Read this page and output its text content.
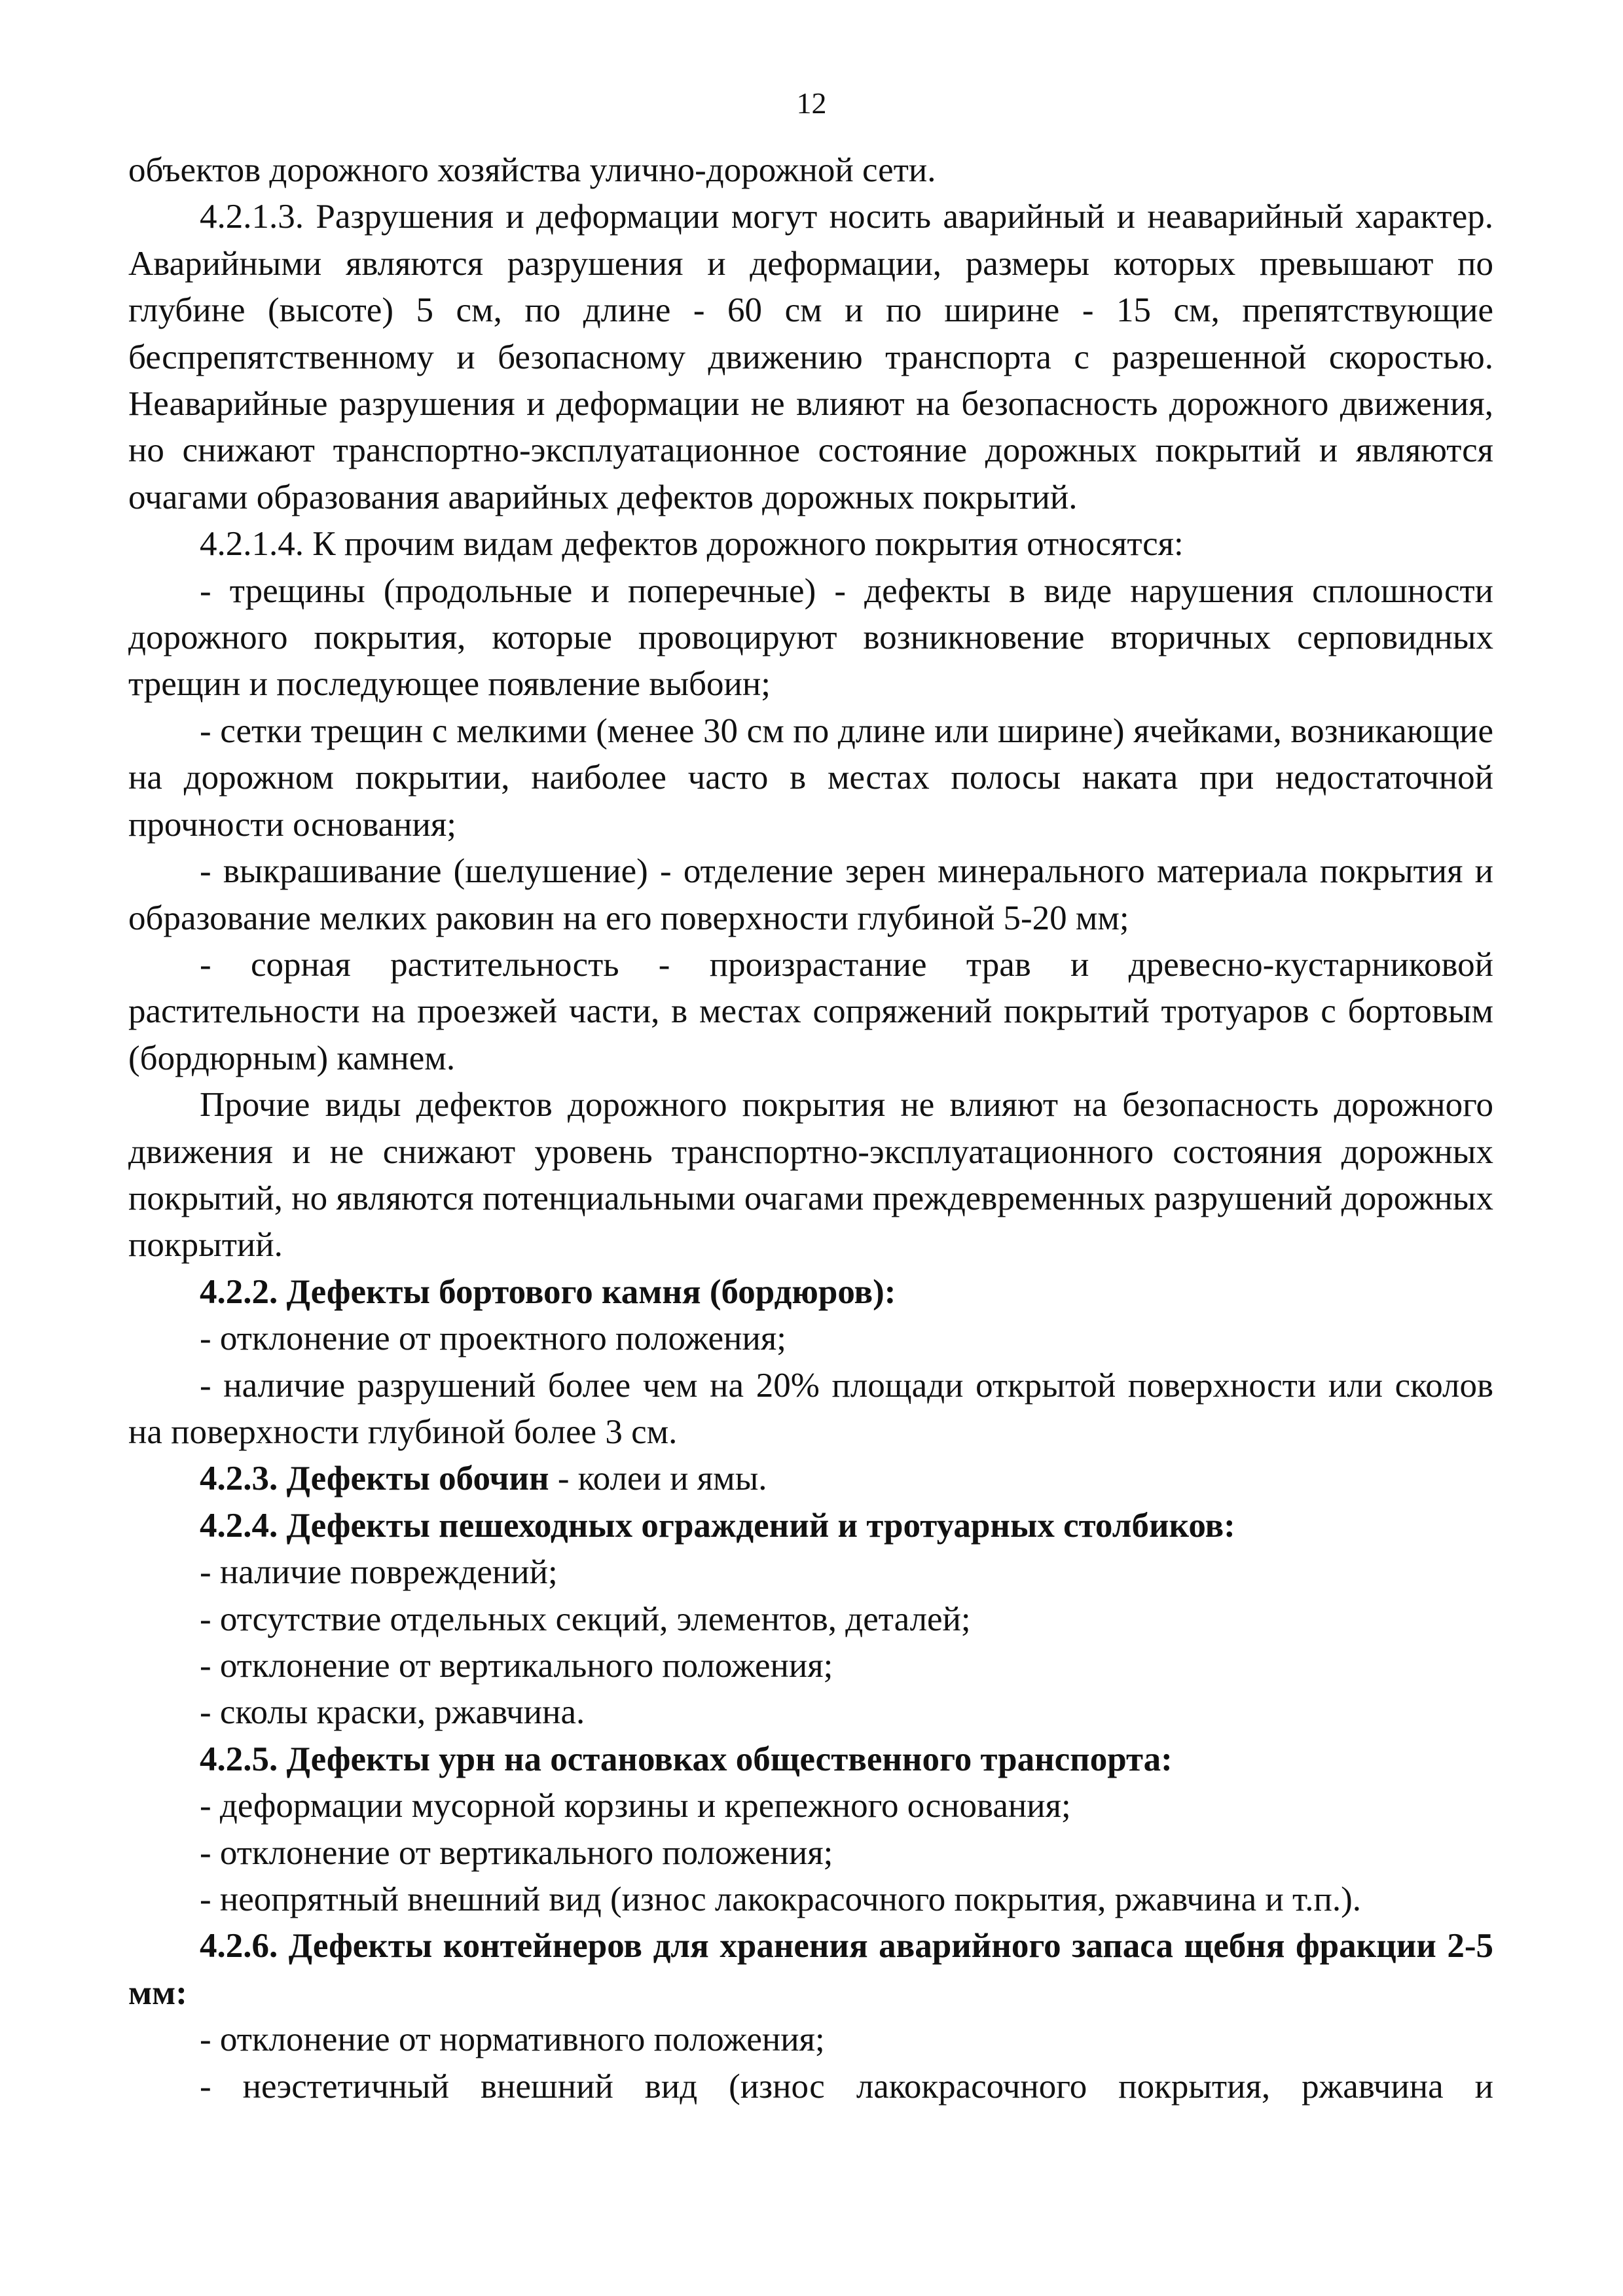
12

объектов дорожного хозяйства улично-дорожной сети.

4.2.1.3. Разрушения и деформации могут носить аварийный и неаварийный характер. Аварийными являются разрушения и деформации, размеры которых превышают по глубине (высоте) 5 см, по длине - 60 см и по ширине - 15 см, препятствующие беспрепятственному и безопасному движению транспорта с разрешенной скоростью. Неаварийные разрушения и деформации не влияют на безопасность дорожного движения, но снижают транспортно-эксплуатационное состояние дорожных покрытий и являются очагами образования аварийных дефектов дорожных покрытий.

4.2.1.4. К прочим видам дефектов дорожного покрытия относятся:

- трещины (продольные и поперечные) - дефекты в виде нарушения сплошности дорожного покрытия, которые провоцируют возникновение вторичных серповидных трещин и последующее появление выбоин;

- сетки трещин с мелкими (менее 30 см по длине или ширине) ячейками, возникающие на дорожном покрытии, наиболее часто в местах полосы наката при недостаточной прочности основания;

- выкрашивание (шелушение) - отделение зерен минерального материала покрытия и образование мелких раковин на его поверхности глубиной 5-20 мм;

- сорная растительность - произрастание трав и древесно-кустарниковой растительности на проезжей части, в местах сопряжений покрытий тротуаров с бортовым (бордюрным) камнем.

Прочие виды дефектов дорожного покрытия не влияют на безопасность дорожного движения и не снижают уровень транспортно-эксплуатационного состояния дорожных покрытий, но являются потенциальными очагами преждевременных разрушений дорожных покрытий.

4.2.2. Дефекты бортового камня (бордюров):

- отклонение от проектного положения;

- наличие разрушений более чем на 20% площади открытой поверхности или сколов на поверхности глубиной более 3 см.

4.2.3. Дефекты обочин - колеи и ямы.

4.2.4. Дефекты пешеходных ограждений и тротуарных столбиков:

- наличие повреждений;

- отсутствие отдельных секций, элементов, деталей;

- отклонение от вертикального положения;

- сколы краски, ржавчина.

4.2.5. Дефекты урн на остановках общественного транспорта:

- деформации мусорной корзины и крепежного основания;

- отклонение от вертикального положения;

- неопрятный внешний вид (износ лакокрасочного покрытия, ржавчина и т.п.).

4.2.6. Дефекты контейнеров для хранения аварийного запаса щебня фракции 2-5 мм:

- отклонение от нормативного положения;

- неэстетичный внешний вид (износ лакокрасочного покрытия, ржавчина и
